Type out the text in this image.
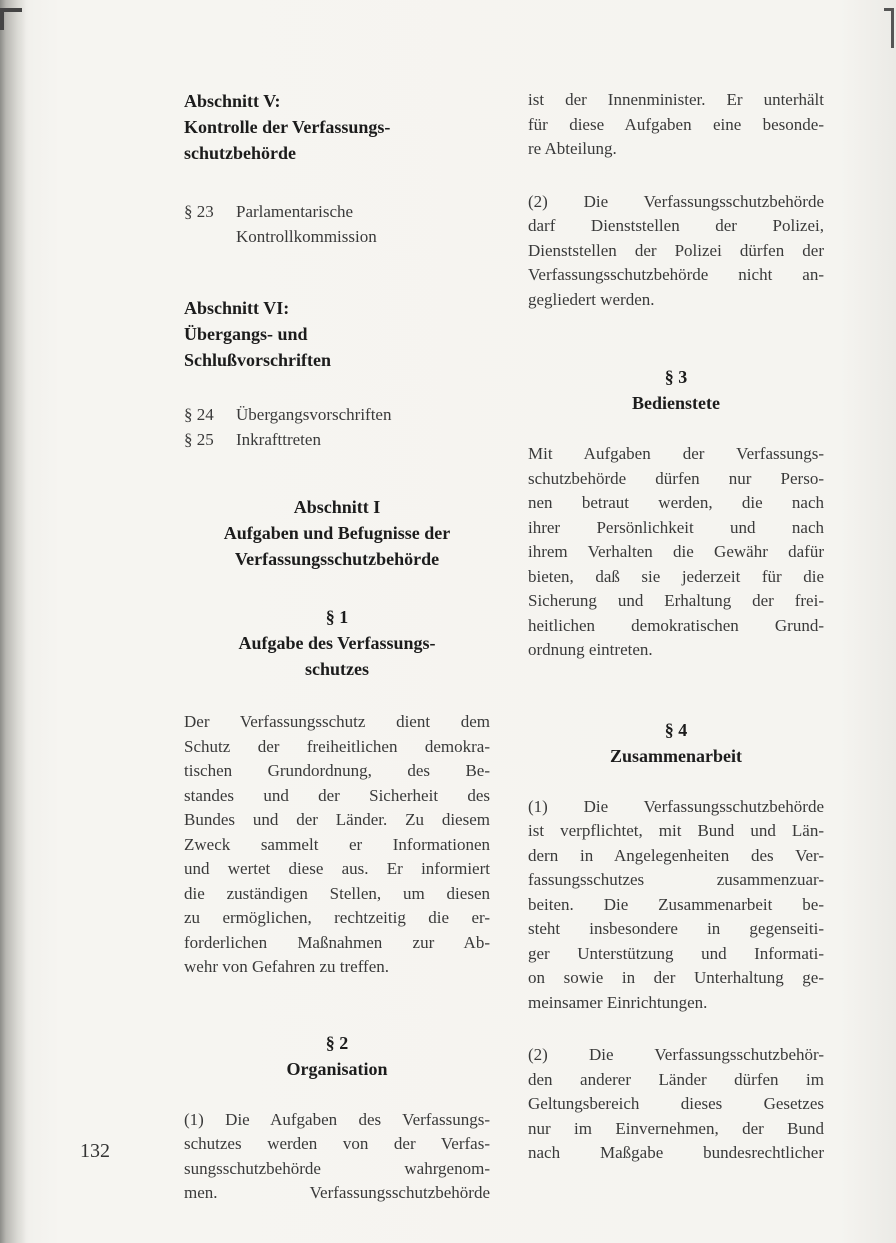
Abschnitt V:
Kontrolle der Verfassungs-
schutzbehörde
§ 23	Parlamentarische
Kontrollkommission
Abschnitt VI:
Übergangs- und
Schlußvorschriften
§ 24	Übergangsvorschriften
§ 25	Inkrafttreten
Abschnitt I
Aufgaben und Befugnisse der
Verfassungsschutzbehörde
§ 1
Aufgabe des Verfassungs-
schutzes
Der Verfassungsschutz dient dem
Schutz der freiheitlichen demokra-
tischen Grundordnung, des Be-
standes und der Sicherheit des
Bundes und der Länder. Zu diesem
Zweck sammelt er Informationen
und wertet diese aus. Er informiert
die zuständigen Stellen, um diesen
zu ermöglichen, rechtzeitig die er-
forderlichen Maßnahmen zur Ab-
wehr von Gefahren zu treffen.
§ 2
Organisation
(1) Die Aufgaben des Verfassungs-
schutzes werden von der Verfas-
sungsschutzbehörde wahrgenom-
men. Verfassungsschutzbehörde
ist der Innenminister. Er unterhält
für diese Aufgaben eine besonde-
re Abteilung.
(2) Die Verfassungsschutzbehörde
darf Dienststellen der Polizei,
Dienststellen der Polizei dürfen der
Verfassungsschutzbehörde nicht an-
gegliedert werden.
§ 3
Bedienstete
Mit Aufgaben der Verfassungs-
schutzbehörde dürfen nur Perso-
nen betraut werden, die nach
ihrer Persönlichkeit und nach
ihrem Verhalten die Gewähr dafür
bieten, daß sie jederzeit für die
Sicherung und Erhaltung der frei-
heitlichen demokratischen Grund-
ordnung eintreten.
§ 4
Zusammenarbeit
(1) Die Verfassungsschutzbehörde
ist verpflichtet, mit Bund und Län-
dern in Angelegenheiten des Ver-
fassungsschutzes zusammenzuar-
beiten. Die Zusammenarbeit be-
steht insbesondere in gegenseiti-
ger Unterstützung und Informati-
on sowie in der Unterhaltung ge-
meinsamer Einrichtungen.
(2) Die Verfassungsschutzbehör-
den anderer Länder dürfen im
Geltungsbereich dieses Gesetzes
nur im Einvernehmen, der Bund
nach Maßgabe bundesrechtlicher
132
